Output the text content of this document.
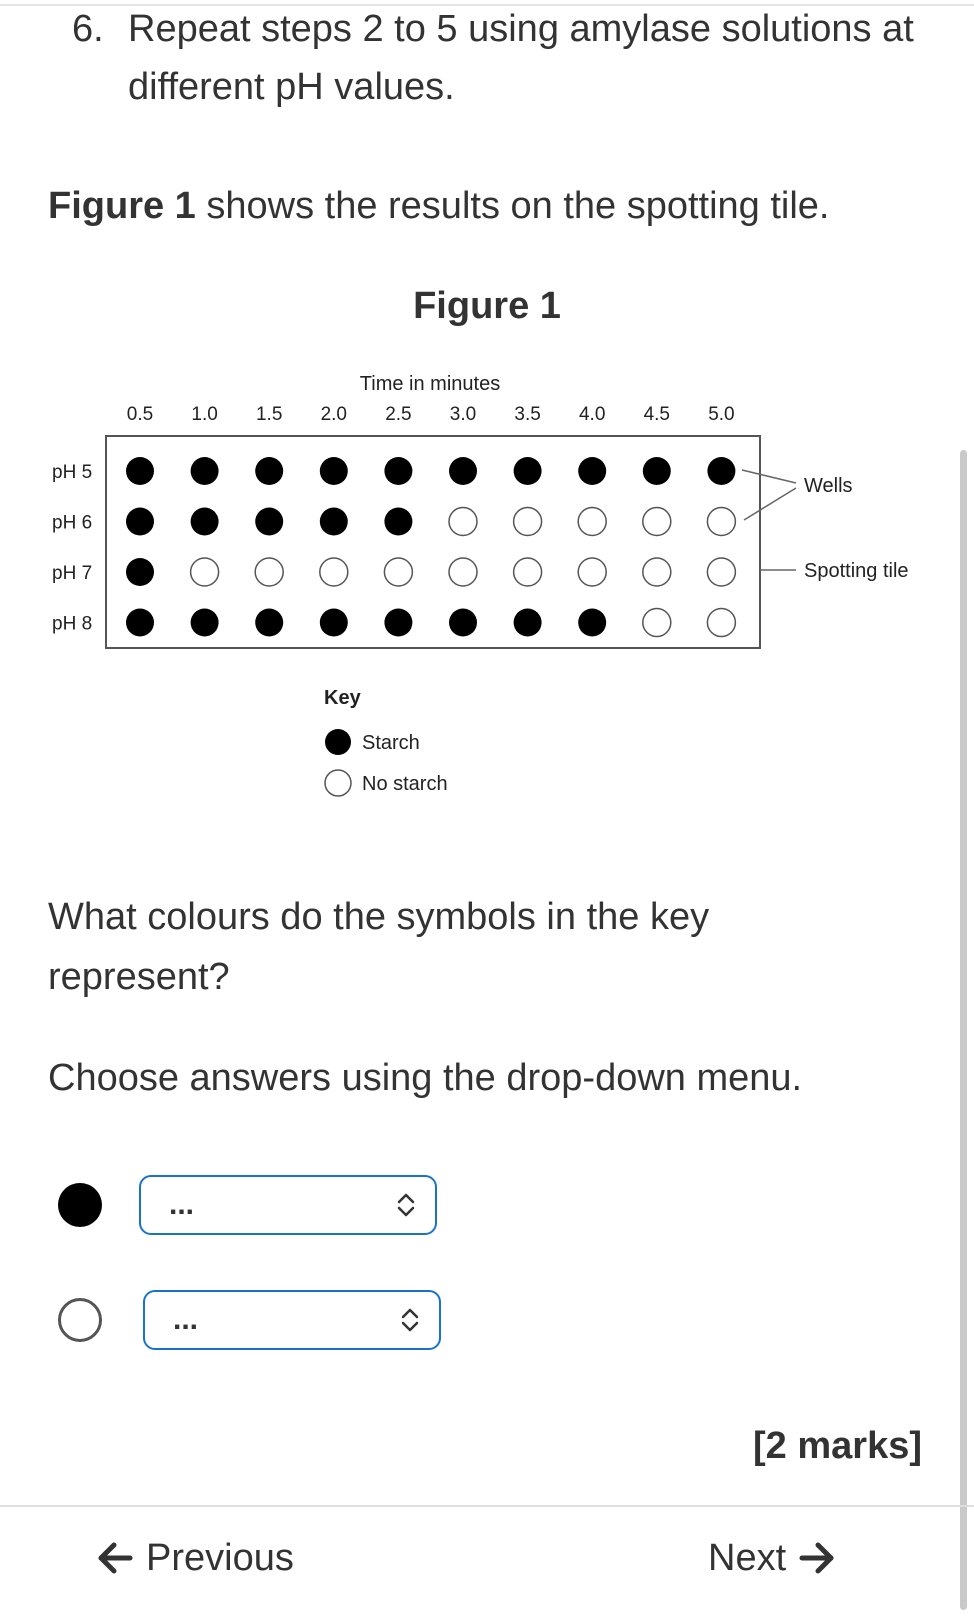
6. Repeat steps 2 to 5 using amylase solutions at different pH values.
Figure 1 shows the results on the spotting tile.
Figure 1
Time in minutes
0.5 1.0 1.5 2.0 2.5 3.0 3.5 4.0 4.5 5.0
pH 5
pH 6
pH 7
pH 8
Wells
Spotting tile
Key
Starch
No starch
What colours do the symbols in the key represent?
Choose answers using the drop-down menu.
...
...
[2 marks]
Previous	Next
